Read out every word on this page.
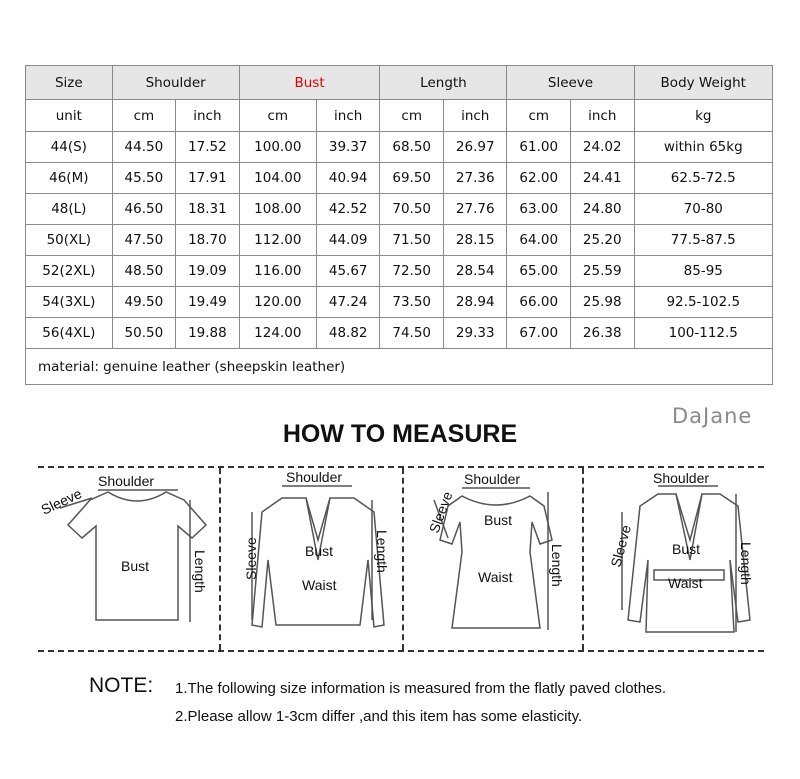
Size	Shoulder		Bust		Length		Sleeve		Body Weight
unit	cm	inch	cm	inch	cm	inch	cm	inch	kg
44(S)	44.50	17.52	100.00	39.37	68.50	26.97	61.00	24.02	within 65kg
46(M)	45.50	17.91	104.00	40.94	69.50	27.36	62.00	24.41	62.5-72.5
48(L)	46.50	18.31	108.00	42.52	70.50	27.76	63.00	24.80	70-80
50(XL)	47.50	18.70	112.00	44.09	71.50	28.15	64.00	25.20	77.5-87.5
52(2XL)	48.50	19.09	116.00	45.67	72.50	28.54	65.00	25.59	85-95
54(3XL)	49.50	19.49	120.00	47.24	73.50	28.94	66.00	25.98	92.5-102.5
56(4XL)	50.50	19.88	124.00	48.82	74.50	29.33	67.00	26.38	100-112.5
material: genuine leather (sheepskin leather)									
DaJane
HOW TO MEASURE
Shoulder
Sleeve
Bust	Length
Shoulder
Sleeve	Bust
Waist
Length
Shoulder
Sleeve Bust
Waist	Length
Shoulder
Sleeve	Bust
Waist	Length
NOTE: 1.The following size information is measured from the flatly paved clothes.
2.Please allow 1-3cm differ ,and this item has some elasticity.
